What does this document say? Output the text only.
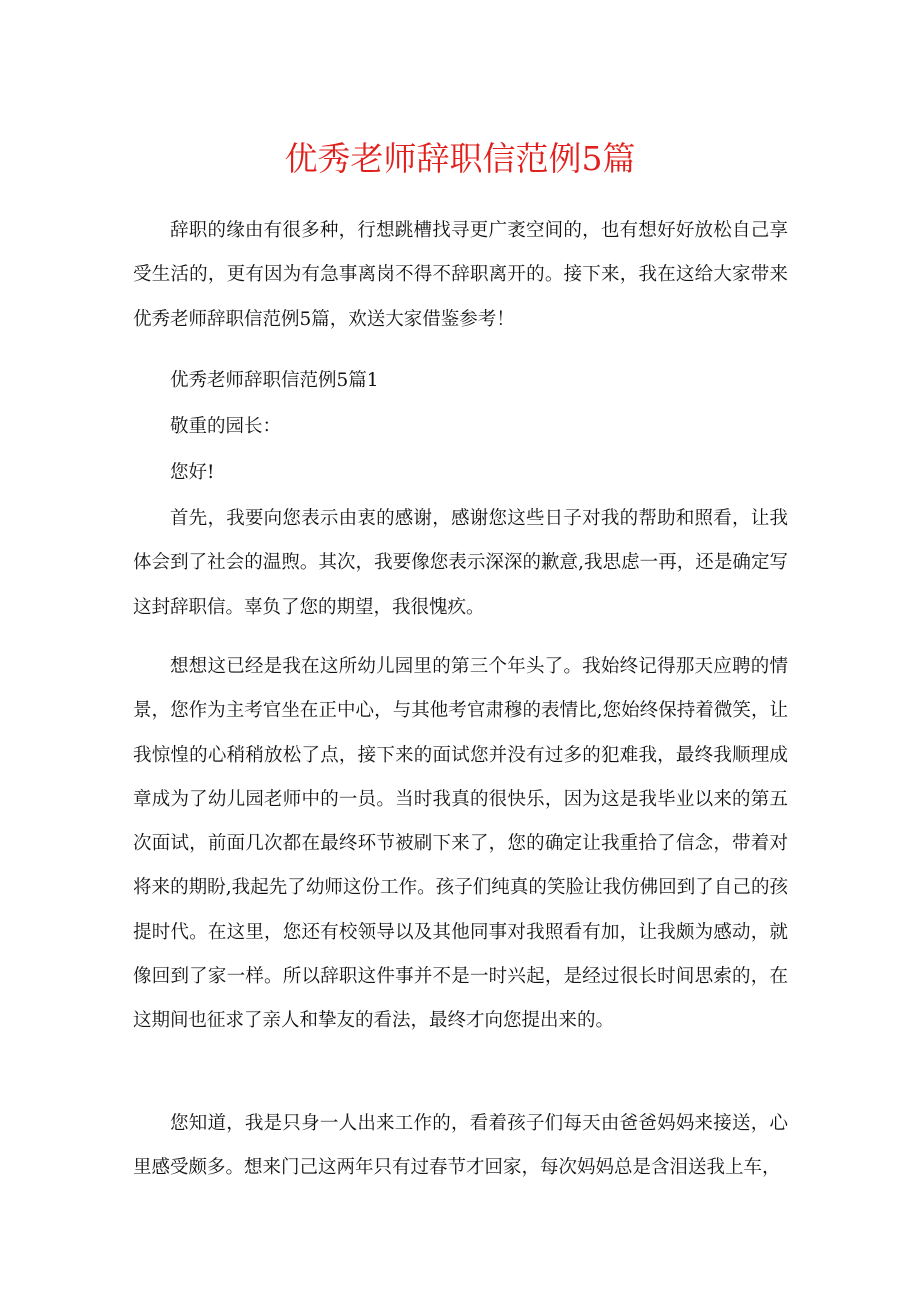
优秀老师辞职信范例5篇

辞职的缘由有很多种，行想跳槽找寻更广袤空间的，也有想好好放松自己享受生活的，更有因为有急事离岗不得不辞职离开的。接下来，我在这给大家带来优秀老师辞职信范例5篇，欢送大家借鉴参考！

优秀老师辞职信范例5篇1

敬重的园长：

您好!

首先，我要向您表示由衷的感谢，感谢您这些日子对我的帮助和照看，让我体会到了社会的温煦。其次，我要像您表示深深的歉意,我思虑一再，还是确定写这封辞职信。辜负了您的期望，我很愧疚。

想想这已经是我在这所幼儿园里的第三个年头了。我始终记得那天应聘的情景，您作为主考官坐在正中心，与其他考官肃穆的表情比,您始终保持着微笑，让我惊惶的心稍稍放松了点，接下来的面试您并没有过多的犯难我，最终我顺理成章成为了幼儿园老师中的一员。当时我真的很快乐，因为这是我毕业以来的第五次面试，前面几次都在最终环节被刷下来了，您的确定让我重拾了信念，带着对将来的期盼,我起先了幼师这份工作。孩子们纯真的笑脸让我仿佛回到了自己的孩提时代。在这里，您还有校领导以及其他同事对我照看有加，让我颇为感动，就像回到了家一样。所以辞职这件事并不是一时兴起，是经过很长时间思索的，在这期间也征求了亲人和挚友的看法，最终才向您提出来的。

您知道，我是只身一人出来工作的，看着孩子们每天由爸爸妈妈来接送，心里感受颇多。想来门己这两年只有过春节才回家，每次妈妈总是含泪送我上车，
